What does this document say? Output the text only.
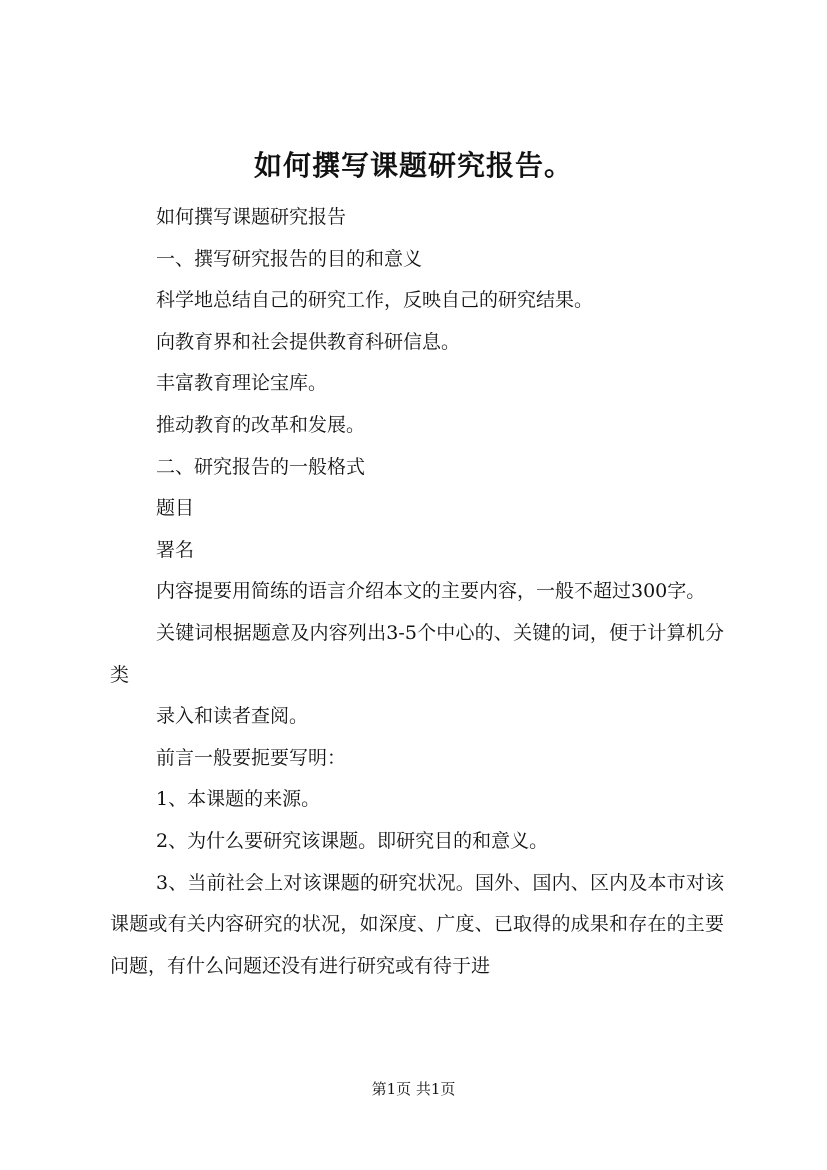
如何撰写课题研究报告。

如何撰写课题研究报告

一、撰写研究报告的目的和意义

科学地总结自己的研究工作，反映自己的研究结果。

向教育界和社会提供教育科研信息。

丰富教育理论宝库。

推动教育的改革和发展。

二、研究报告的一般格式

题目

署名

内容提要用简练的语言介绍本文的主要内容，一般不超过300字。

关键词根据题意及内容列出3-5个中心的、关键的词，便于计算机分类

录入和读者查阅。

前言一般要扼要写明：

1、本课题的来源。

2、为什么要研究该课题。即研究目的和意义。

3、当前社会上对该课题的研究状况。国外、国内、区内及本市对该课题或有关内容研究的状况，如深度、广度、已取得的成果和存在的主要问题，有什么问题还没有进行研究或有待于进

第1页 共1页
